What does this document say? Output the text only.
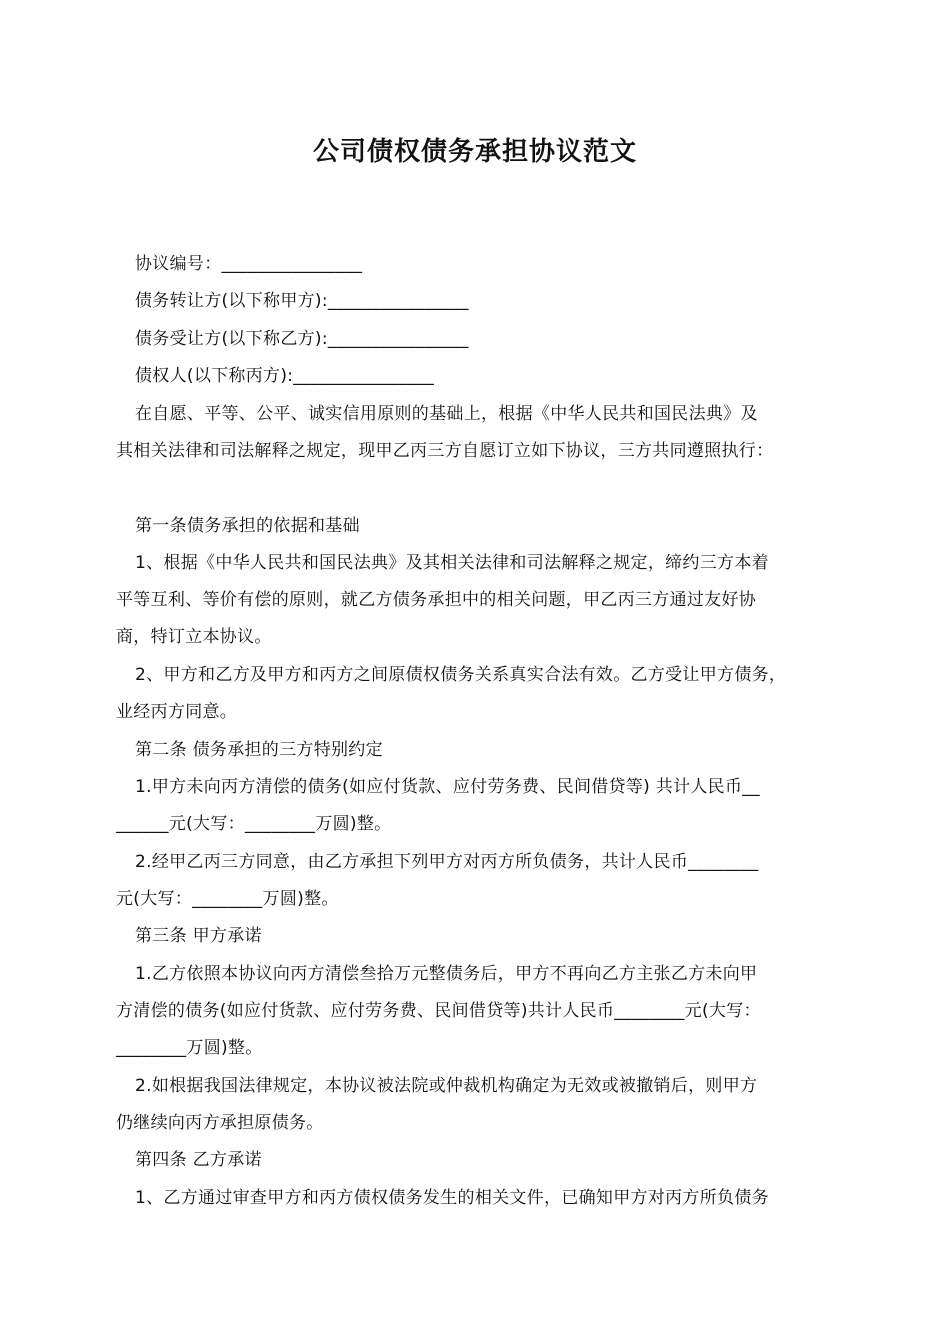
公司债权债务承担协议范文
协议编号：________________
债务转让方(以下称甲方):________________
债务受让方(以下称乙方):________________
债权人(以下称丙方):________________
在自愿、平等、公平、诚实信用原则的基础上，根据《中华人民共和国民法典》及
其相关法律和司法解释之规定，现甲乙丙三方自愿订立如下协议，三方共同遵照执行：
第一条债务承担的依据和基础
1、根据《中华人民共和国民法典》及其相关法律和司法解释之规定，缔约三方本着
平等互利、等价有偿的原则，就乙方债务承担中的相关问题，甲乙丙三方通过友好协
商，特订立本协议。
2、甲方和乙方及甲方和丙方之间原债权债务关系真实合法有效。乙方受让甲方债务，
业经丙方同意。
第二条 债务承担的三方特别约定
1.甲方未向丙方清偿的债务(如应付货款、应付劳务费、民间借贷等) 共计人民币__
______元(大写：________万圆)整。
2.经甲乙丙三方同意，由乙方承担下列甲方对丙方所负债务，共计人民币________
元(大写：________万圆)整。
第三条 甲方承诺
1.乙方依照本协议向丙方清偿叁拾万元整债务后，甲方不再向乙方主张乙方未向甲
方清偿的债务(如应付货款、应付劳务费、民间借贷等)共计人民币________元(大写：
________万圆)整。
2.如根据我国法律规定，本协议被法院或仲裁机构确定为无效或被撤销后，则甲方
仍继续向丙方承担原债务。
第四条 乙方承诺
1、乙方通过审查甲方和丙方债权债务发生的相关文件，已确知甲方对丙方所负债务
